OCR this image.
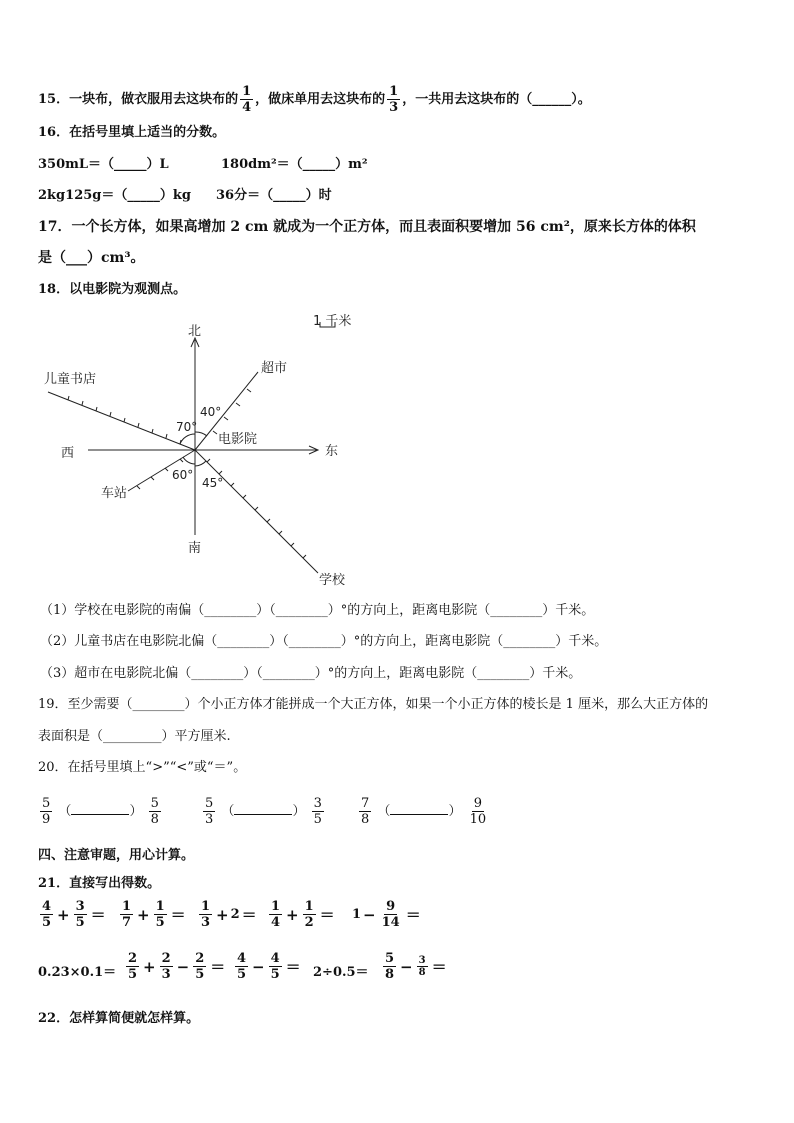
15．一块布，做衣服用去这块布的 $\frac{1}{4}$ ，做床单用去这块布的 $\frac{1}{3}$ ，一共用去这块布的（______）。
16．在括号里填上适当的分数。
350mL＝（_____）L	180dm²＝（_____）m²
2kg125g＝（_____）kg 36分＝（_____）时
17．一个长方体，如果高增加 2 cm 就成为一个正方体，而且表面积要增加 56 cm²，原来长方体的体积
是（___）cm³。
18．以电影院为观测点。
1 千米
北
南
东
西
电影院
超市
儿童书店
车站
学校
40°
70°
60°
45°
（1）学校在电影院的南偏（________）（________）°的方向上，距离电影院（________）千米。
（2）儿童书店在电影院北偏（________）（________）°的方向上，距离电影院（________）千米。
（3）超市在电影院北偏（________）（________）°的方向上，距离电影院（________）千米。
19．至少需要（________）个小正方体才能拼成一个大正方体，如果一个小正方体的棱长是 1 厘米，那么大正方体的
表面积是（_________）平方厘米.
20．在括号里填上“>”“<”或“＝”。
$\frac{5}{9}$ （	） $\frac{5}{8}$	$\frac{5}{3}$ （	） $\frac{3}{5}$	$\frac{7}{8}$ （	） $\frac{9}{10}$
四、注意审题，用心计算。
21．直接写出得数。
$\frac{4}{5} + \frac{3}{5} = \frac{1}{7} + \frac{1}{5} = \frac{1}{3} + 2 = \frac{1}{4} + \frac{1}{2} = 1 - \frac{9}{14}$ ＝
$0.23\times 0.1= \frac{2}{5} + \frac{2}{3} - \frac{2}{5} = \frac{4}{5} - \frac{4}{5} = 2\div 0.5= \frac{5}{8} - \frac{3}{8}$ ＝
22．怎样算简便就怎样算。
